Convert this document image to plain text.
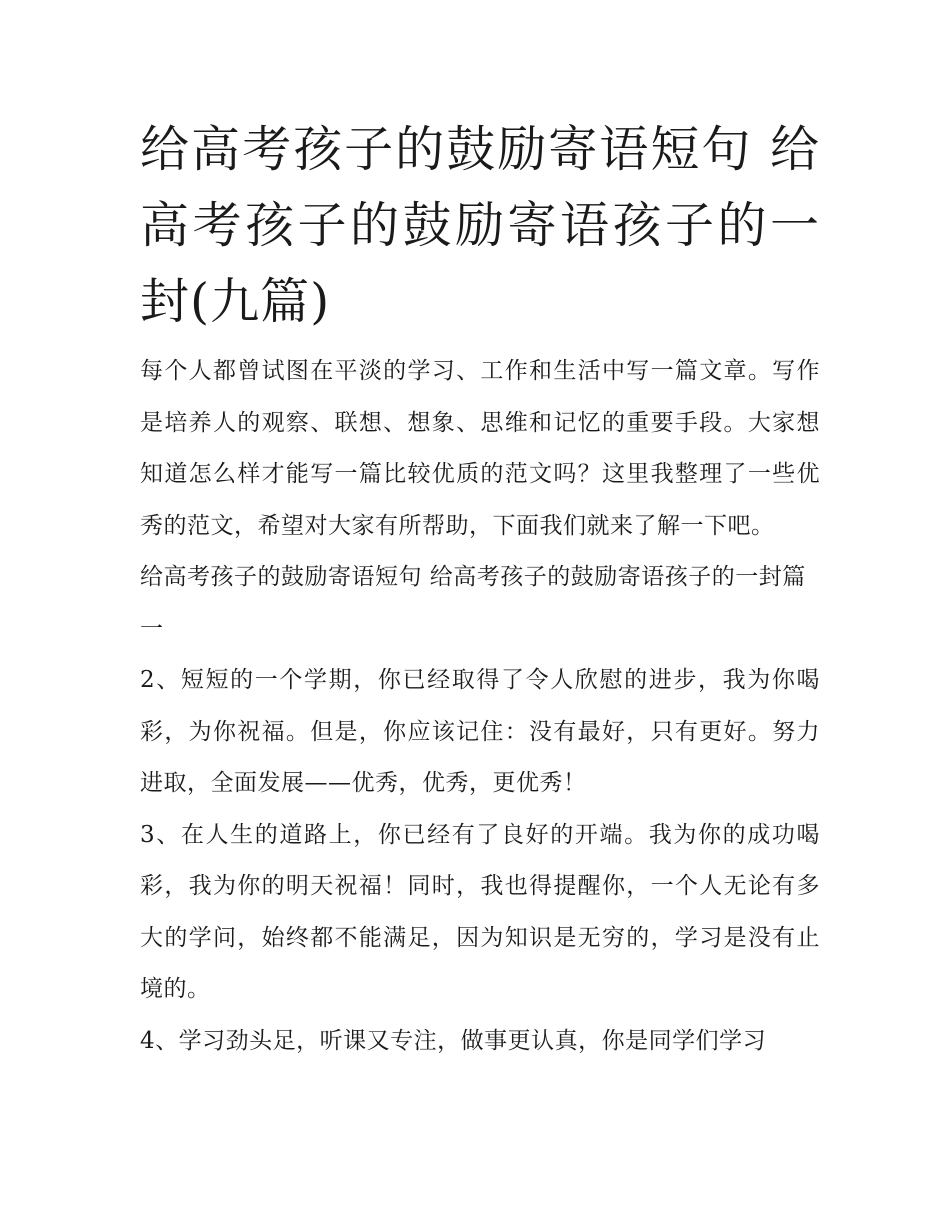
给高考孩子的鼓励寄语短句 给高考孩子的鼓励寄语孩子的一封(九篇)

每个人都曾试图在平淡的学习、工作和生活中写一篇文章。写作是培养人的观察、联想、想象、思维和记忆的重要手段。大家想知道怎么样才能写一篇比较优质的范文吗？这里我整理了一些优秀的范文，希望对大家有所帮助，下面我们就来了解一下吧。

给高考孩子的鼓励寄语短句 给高考孩子的鼓励寄语孩子的一封篇一

2、短短的一个学期，你已经取得了令人欣慰的进步，我为你喝彩，为你祝福。但是，你应该记住：没有最好，只有更好。努力进取，全面发展——优秀，优秀，更优秀！

3、在人生的道路上，你已经有了良好的开端。我为你的成功喝彩，我为你的明天祝福！同时，我也得提醒你，一个人无论有多大的学问，始终都不能满足，因为知识是无穷的，学习是没有止境的。

4、学习劲头足，听课又专注，做事更认真，你是同学们学习
